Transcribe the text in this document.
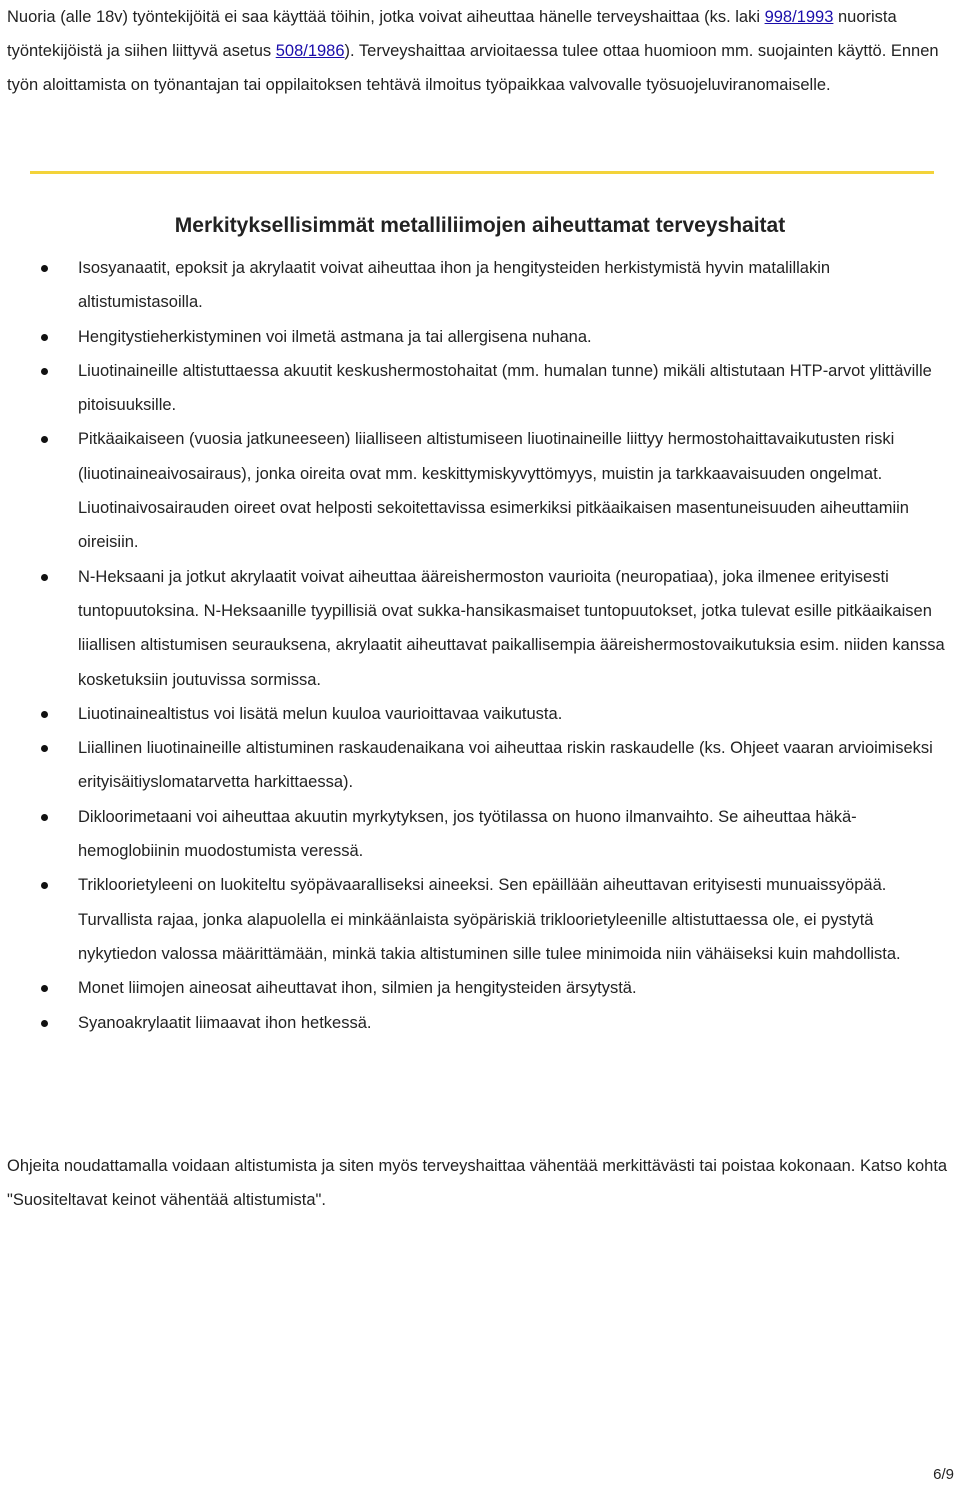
Nuoria (alle 18v) työntekijöitä ei saa käyttää töihin, jotka voivat aiheuttaa hänelle terveyshaittaa (ks. laki 998/1993 nuorista työntekijöistä ja siihen liittyvä asetus 508/1986). Terveyshaittaa arvioitaessa tulee ottaa huomioon mm. suojainten käyttö. Ennen työn aloittamista on työnantajan tai oppilaitoksen tehtävä ilmoitus työpaikkaa valvovalle työsuojeluviranomaiselle.

Merkityksellisimmät metalliliimojen aiheuttamat terveyshaitat
Isosyanaatit, epoksit ja akrylaatit voivat aiheuttaa ihon ja hengitysteiden herkistymistä hyvin matalillakin altistumistasoilla.
Hengitystieherkistyminen voi ilmetä astmana ja tai allergisena nuhana.
Liuotinaineille altistuttaessa akuutit keskushermostohaitat (mm. humalan tunne) mikäli altistutaan HTP-arvot ylittäville pitoisuuksille.
Pitkäaikaiseen (vuosia jatkuneeseen) liialliseen altistumiseen liuotinaineille liittyy hermostohaittavaikutusten riski (liuotinaineaivosairaus), jonka oireita ovat mm. keskittymiskyvyttömyys, muistin ja tarkkaavaisuuden ongelmat. Liuotinaivosairauden oireet ovat helposti sekoitettavissa esimerkiksi pitkäaikaisen masentuneisuuden aiheuttamiin oireisiin.
N-Heksaani ja jotkut akrylaatit voivat aiheuttaa ääreishermoston vaurioita (neuropatiaa), joka ilmenee erityisesti tuntopuutoksina. N-Heksaanille tyypillisiä ovat sukka-hansikasmaiset tuntopuutokset, jotka tulevat esille pitkäaikaisen liiallisen altistumisen seurauksena, akrylaatit aiheuttavat paikallisempia ääreishermostovaikutuksia esim. niiden kanssa kosketuksiin joutuvissa sormissa.
Liuotinainealtistus voi lisätä melun kuuloa vaurioittavaa vaikutusta.
Liiallinen liuotinaineille altistuminen raskaudenaikana voi aiheuttaa riskin raskaudelle (ks. Ohjeet vaaran arvioimiseksi erityisäitiyslomatarvetta harkittaessa).
Dikloorimetaani voi aiheuttaa akuutin myrkytyksen, jos työtilassa on huono ilmanvaihto. Se aiheuttaa häkä-hemoglobiinin muodostumista veressä.
Trikloorietyleeni on luokiteltu syöpävaaralliseksi aineeksi. Sen epäillään aiheuttavan erityisesti munuaissyöpää. Turvallista rajaa, jonka alapuolella ei minkäänlaista syöpäriskiä trikloorietyleenille altistuttaessa ole, ei pystytä nykytiedon valossa määrittämään, minkä takia altistuminen sille tulee minimoida niin vähäiseksi kuin mahdollista.
Monet liimojen aineosat aiheuttavat ihon, silmien ja hengitysteiden ärsytystä.
Syanoakrylaatit liimaavat ihon hetkessä.

Ohjeita noudattamalla voidaan altistumista ja siten myös terveyshaittaa vähentää merkittävästi tai poistaa kokonaan. Katso kohta "Suositeltavat keinot vähentää altistumista".

6/9
